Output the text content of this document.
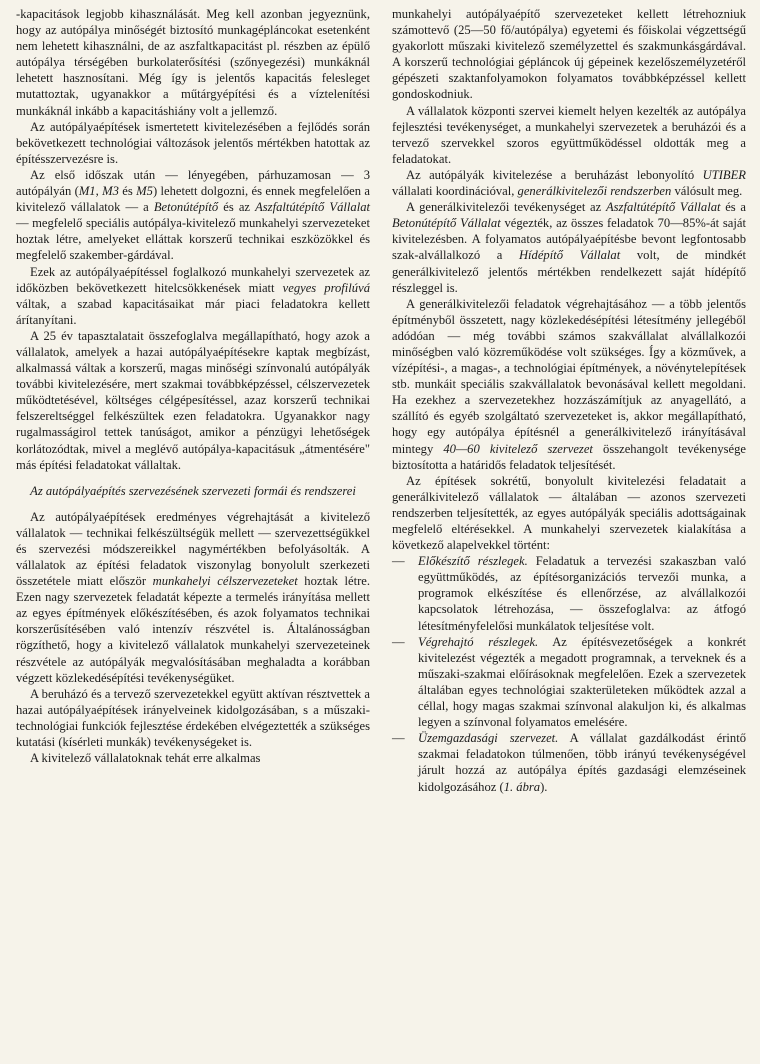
-kapacitások legjobb kihasználását. Meg kell azonban jegyeznünk, hogy az autópálya minőségét biztosító munkagépláncokat esetenként nem lehetett kihasználni, de az aszfaltkapacitást pl. részben az épülő autópálya térségében burkolaterősítési (szőnyegezési) munkáknál lehetett hasznosítani. Még így is jelentős kapacitás felesleget mutattoztak, ugyanakkor a műtárgyépítési és a víztelenítési munkáknál inkább a kapacitáshiány volt a jellemző.

Az autópályaépítések ismertetett kivitelezésében a fejlődés során bekövetkezett technológiai változások jelentős mértékben hatottak az építésszervezésre is.

Az első időszak után — lényegében, párhuzamosan — 3 autópályán (M1, M3 és M5) lehetett dolgozni, és ennek megfelelően a kivitelező vállalatok — a Betonútépítő és az Aszfaltútépítő Vállalat — megfelelő speciális autópálya-kivitelező munkahelyi szervezeteket hoztak létre, amelyeket elláttak korszerű technikai eszközökkel és megfelelő szakember-gárdával.

Ezek az autópályaépítéssel foglalkozó munkahelyi szervezetek az időközben bekövetkezett hitelcsökkenések miatt vegyes profilúvá váltak, a szabad kapacitásaikat már piaci feladatokra kellett árítanyítani.

A 25 év tapasztalatait összefoglalva megállapítható, hogy azok a vállalatok, amelyek a hazai autópályaépítésekre kaptak megbízást, alkalmassá váltak a korszerű, magas minőségi színvonalú autópályák további kivitelezésére, mert szakmai továbbképzéssel, célszervezetek működtetésével, költséges célgépesítéssel, azaz korszerű technikai felszereltséggel felkészültek ezen feladatokra. Ugyanakkor nagy rugalmasságirol tettek tanúságot, amikor a pénzügyi lehetőségek korlátozódtak, mivel a meglévő autópálya-kapacitásuk „átmentésére" más építési feladatokat vállaltak.

Az autópályaépítés szervezésének szervezeti formái és rendszerei

Az autópályaépítések eredményes végrehajtását a kivitelező vállalatok — technikai felkészültségük mellett — szervezettségükkel és szervezési módszereikkel nagymértékben befolyásolták. A vállalatok az építési feladatok viszonylag bonyolult szerkezeti összetétele miatt először munkahelyi célszervezeteket hoztak létre. Ezen nagy szervezetek feladatát képezte a termelés irányítása mellett az egyes építmények előkészítésében, és azok folyamatos technikai korszerűsítésében való intenzív részvétel is. Általánosságban rögzíthető, hogy a kivitelező vállalatok munkahelyi szervezeteinek részvétele az autópályák megvalósításában meghaladta a korábban végzett közlekedésépítési tevékenységüket.

A beruházó és a tervező szervezetekkel együtt aktívan résztvettek a hazai autópályaépítések irányelveinek kidolgozásában, s a műszaki-technológiai funkciók fejlesztése érdekében elvégeztették a szükséges kutatási (kísérleti munkák) tevékenységeket is.

A kivitelező vállalatoknak tehát erre alkalmas

munkahelyi autópályaépítő szervezeteket kellett létrehozniuk számottevő (25—50 fő/autópálya) egyetemi és főiskolai végzettségű gyakorlott műszaki kivitelező személyzettel és szakmunkásgárdával. A korszerű technológiai gépláncok új gépeinek kezelőszemélyzetéről gépészeti szaktanfolyamokon folyamatos továbbképzéssel kellett gondoskodniuk.

A vállalatok központi szervei kiemelt helyen kezelték az autópálya fejlesztési tevékenységet, a munkahelyi szervezetek a beruházói és a tervező szervekkel szoros együttműködéssel oldották meg a feladatokat.

Az autópályák kivitelezése a beruházást lebonyolító UTIBER vállalati koordinációval, generálkivitelezői rendszerben válósult meg.

A generálkivitelezői tevékenységet az Aszfaltútépítő Vállalat és a Betonútépítő Vállalat végezték, az összes feladatok 70—85%-át saját kivitelezésben. A folyamatos autópályaépítésbe bevont legfontosabb szak-alvállalkozó a Hídépítő Vállalat volt, de mindkét generálkivitelező jelentős mértékben rendelkezett saját hídépítő részleggel is.

A generálkivitelezői feladatok végrehajtásához — a több jelentős építményből összetett, nagy közlekedésépítési létesítmény jellegéből adódóan — még további számos szakvállalat alvállalkozói minőségben való közreműködése volt szükséges. Így a közművek, a vízépítési-, a magas-, a technológiai építmények, a növénytelepítések stb. munkáit speciális szakvállalatok bevonásával kellett megoldani. Ha ezekhez a szervezetekhez hozzászámítjuk az anyagellátó, a szállító és egyéb szolgáltató szervezeteket is, akkor megállapítható, hogy egy autópálya építésnél a generálkivitelező irányításával mintegy 40—60 kivitelező szervezet összehangolt tevékenysége biztosította a határidős feladatok teljesítését.

Az építések sokrétű, bonyolult kivitelezési feladatait a generálkivitelező vállalatok — általában — azonos szervezeti rendszerben teljesítették, az egyes autópályák speciális adottságainak megfelelő eltérésekkel. A munkahelyi szervezetek kialakítása a következő alapelvekkel történt:

— Előkészítő részlegek. Feladatuk a tervezési szakaszban való együttműködés, az építésorganizációs tervezői munka, a programok elkészítése és ellenőrzése, az alvállalkozói kapcsolatok létrehozása, — összefoglalva: az átfogó létesítményfelelősi munkálatok teljesítése volt.
— Végrehajtó részlegek. Az építésvezetőségek a konkrét kivitelezést végezték a megadott programnak, a terveknek és a műszaki-szakmai előírásoknak megfelelően. Ezek a szervezetek általában egyes technológiai szakterületeken működtek azzal a céllal, hogy magas szakmai színvonal alakuljon ki, és alkalmas legyen a színvonal folyamatos emelésére.
— Üzemgazdasági szervezet. A vállalat gazdálkodást érintő szakmai feladatokon túlmenően, több irányú tevékenységével járult hozzá az autópálya építés gazdasági elemzéseinek kidolgozásához (1. ábra).
